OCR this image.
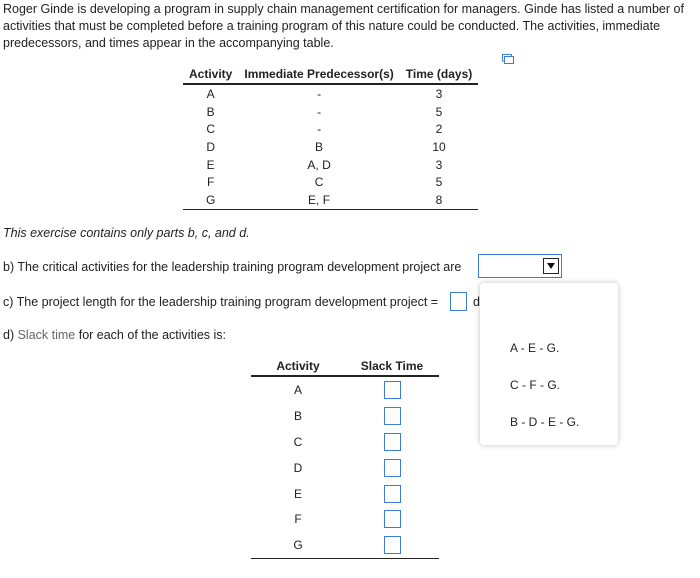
Roger Ginde is developing a program in supply chain management certification for managers. Ginde has listed a number of activities that must be completed before a training program of this nature could be conducted. The activities, immediate predecessors, and times appear in the accompanying table.
Activity	Immediate Predecessor(s)	Time (days)
A	-	3
B	-	5
C	-	2
D	B	10
E	A, D	3
F	C	5
G	E, F	8
This exercise contains only parts b, c, and d.
b) The critical activities for the leadership training program development project are
c) The project length for the leadership training program development project =	d
d) Slack time for each of the activities is:
A - E - G.
C - F - G.
B - D - E - G.
Activity	Slack Time
A	
B	
C	
D	
E	
F	
G	
